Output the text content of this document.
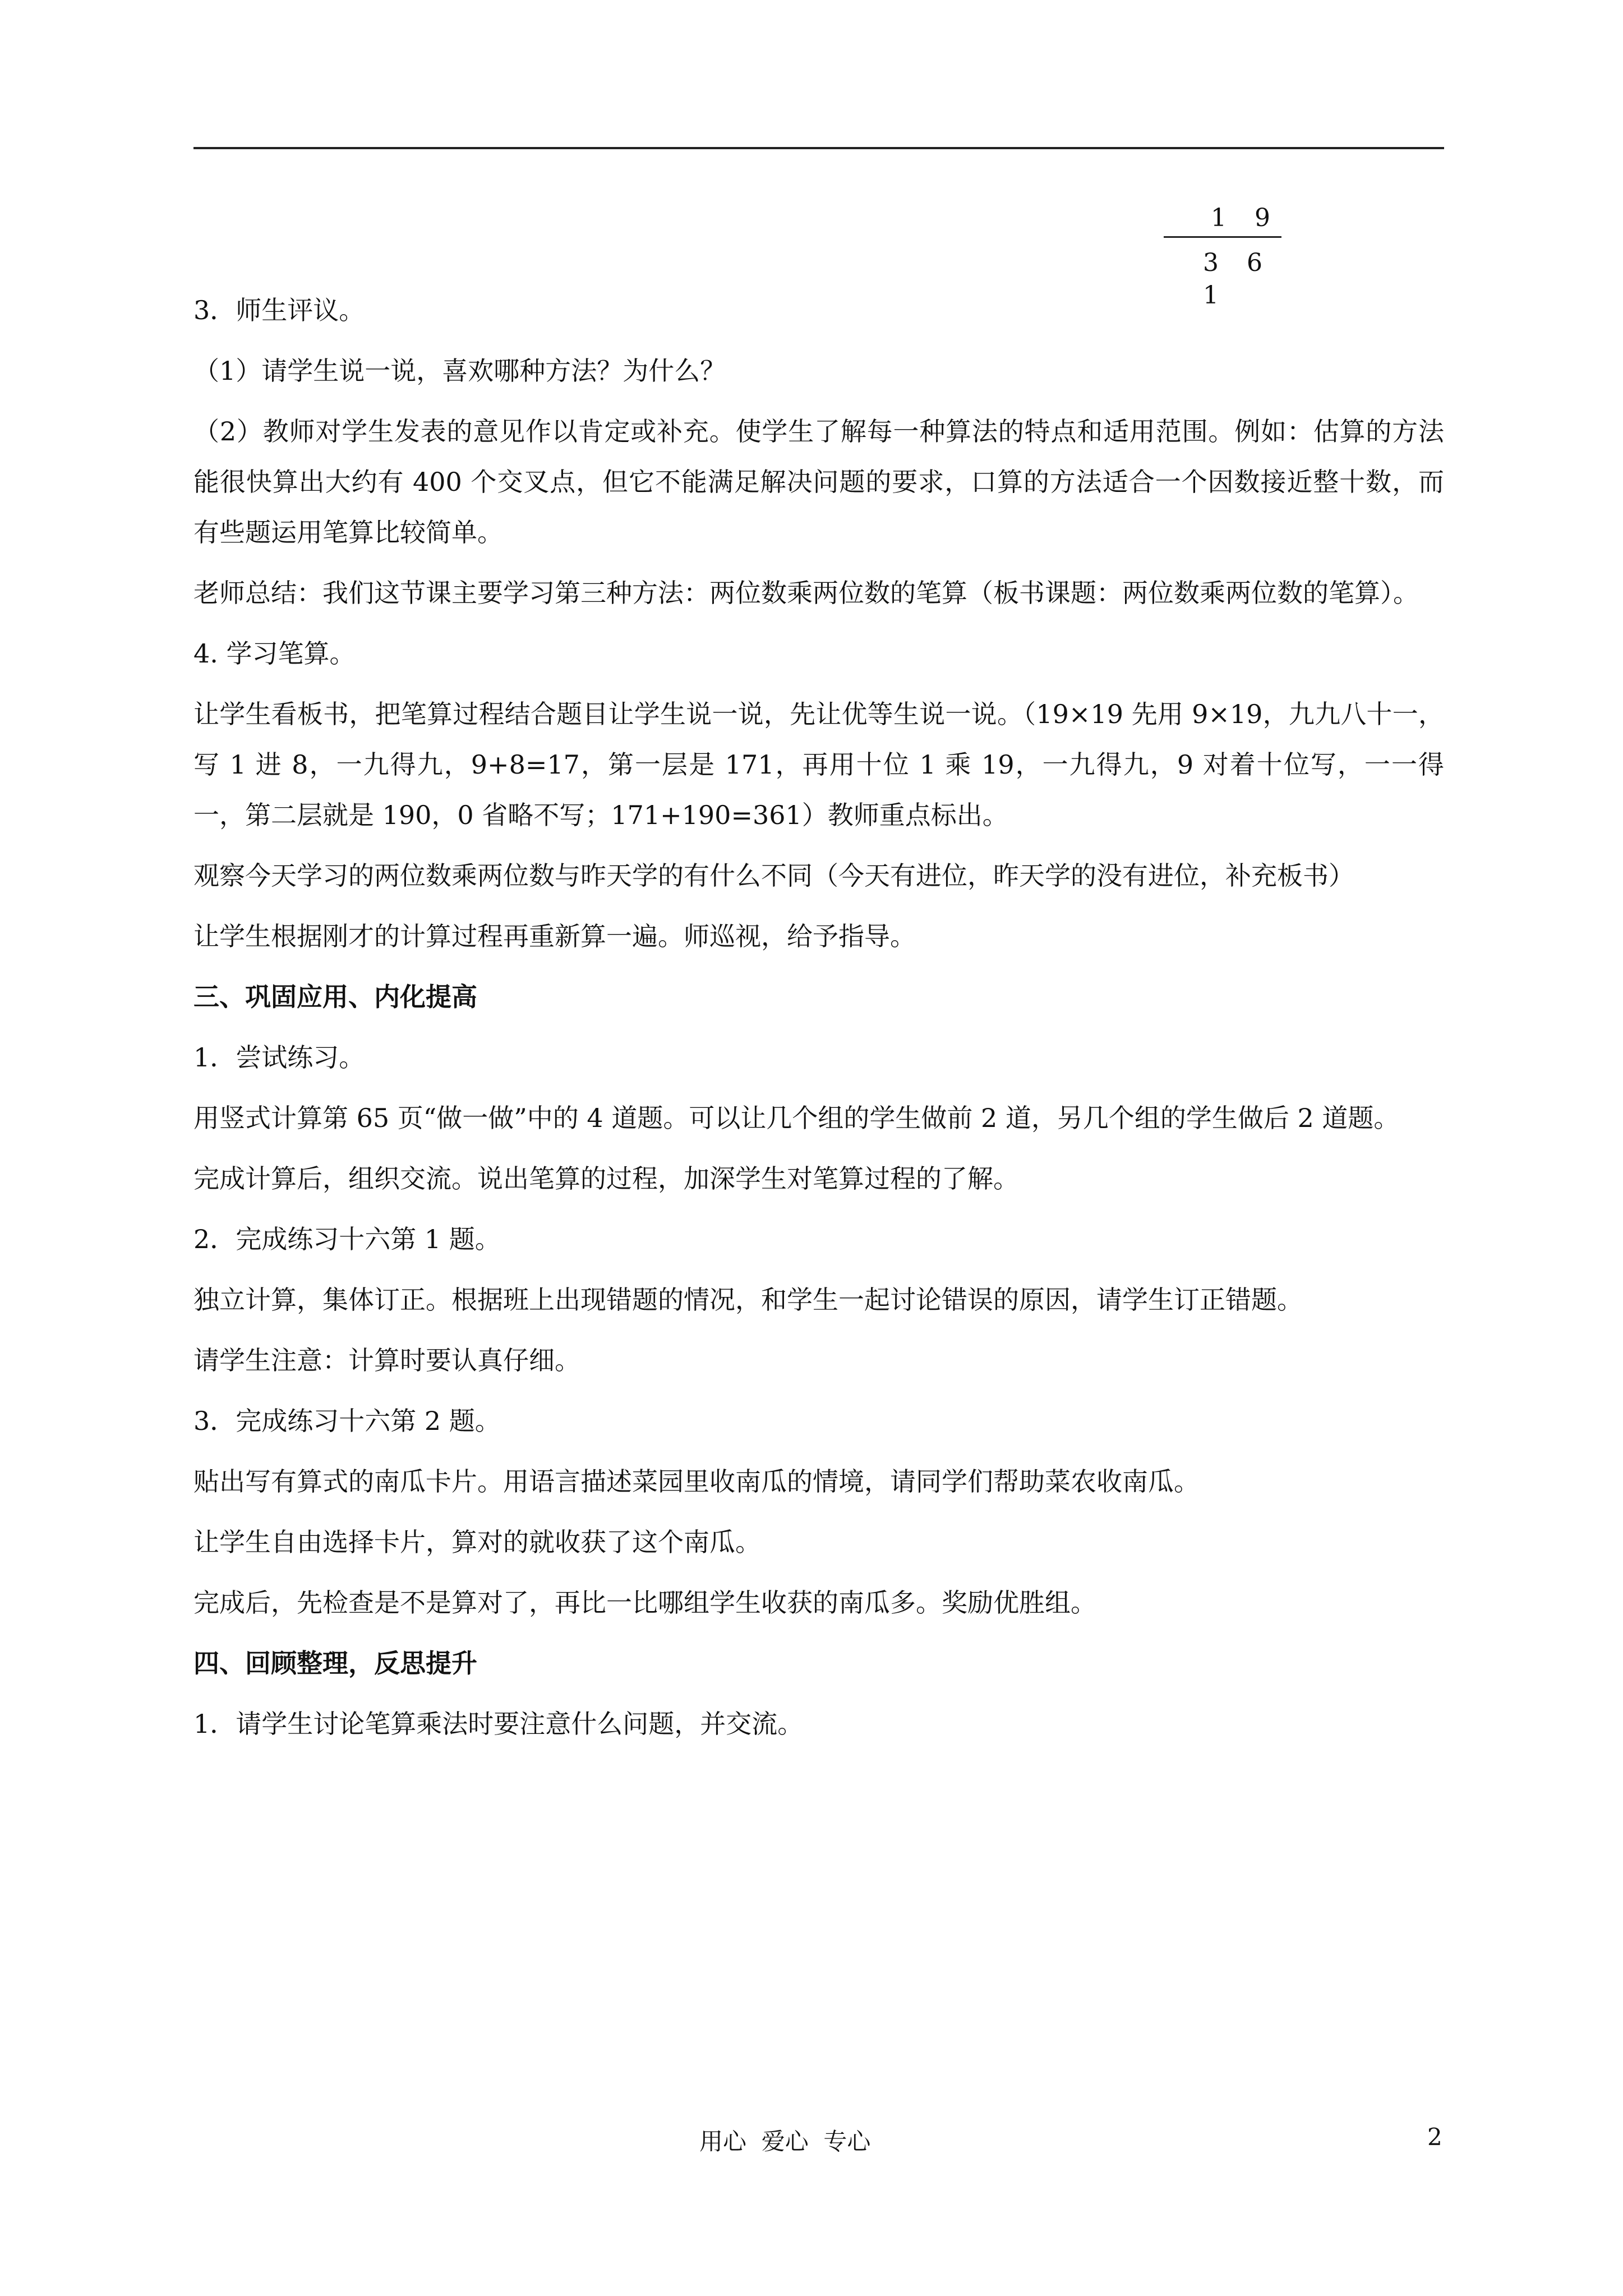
1 9
3 6 1

3．师生评议。

（1）请学生说一说，喜欢哪种方法？为什么？

（2）教师对学生发表的意见作以肯定或补充。使学生了解每一种算法的特点和适用范围。例如：估算的方法能很快算出大约有 400 个交叉点，但它不能满足解决问题的要求，口算的方法适合一个因数接近整十数，而有些题运用笔算比较简单。

老师总结：我们这节课主要学习第三种方法：两位数乘两位数的笔算（板书课题：两位数乘两位数的笔算）。

4. 学习笔算。

让学生看板书，把笔算过程结合题目让学生说一说，先让优等生说一说。（19×19 先用 9×19，九九八十一，写 1 进 8，一九得九，9+8=17，第一层是 171，再用十位 1 乘 19，一九得九，9 对着十位写，一一得一，第二层就是 190，0 省略不写；171+190=361）教师重点标出。

观察今天学习的两位数乘两位数与昨天学的有什么不同（今天有进位，昨天学的没有进位，补充板书）

让学生根据刚才的计算过程再重新算一遍。师巡视，给予指导。

三、巩固应用、内化提高

1．尝试练习。

用竖式计算第 65 页“做一做”中的 4 道题。可以让几个组的学生做前 2 道，另几个组的学生做后 2 道题。

完成计算后，组织交流。说出笔算的过程，加深学生对笔算过程的了解。

2．完成练习十六第 1 题。

独立计算，集体订正。根据班上出现错题的情况，和学生一起讨论错误的原因，请学生订正错题。

请学生注意：计算时要认真仔细。

3．完成练习十六第 2 题。

贴出写有算式的南瓜卡片。用语言描述菜园里收南瓜的情境，请同学们帮助菜农收南瓜。

让学生自由选择卡片，算对的就收获了这个南瓜。

完成后，先检查是不是算对了，再比一比哪组学生收获的南瓜多。奖励优胜组。

四、回顾整理，反思提升

1．请学生讨论笔算乘法时要注意什么问题，并交流。

用心  爱心  专心	2
